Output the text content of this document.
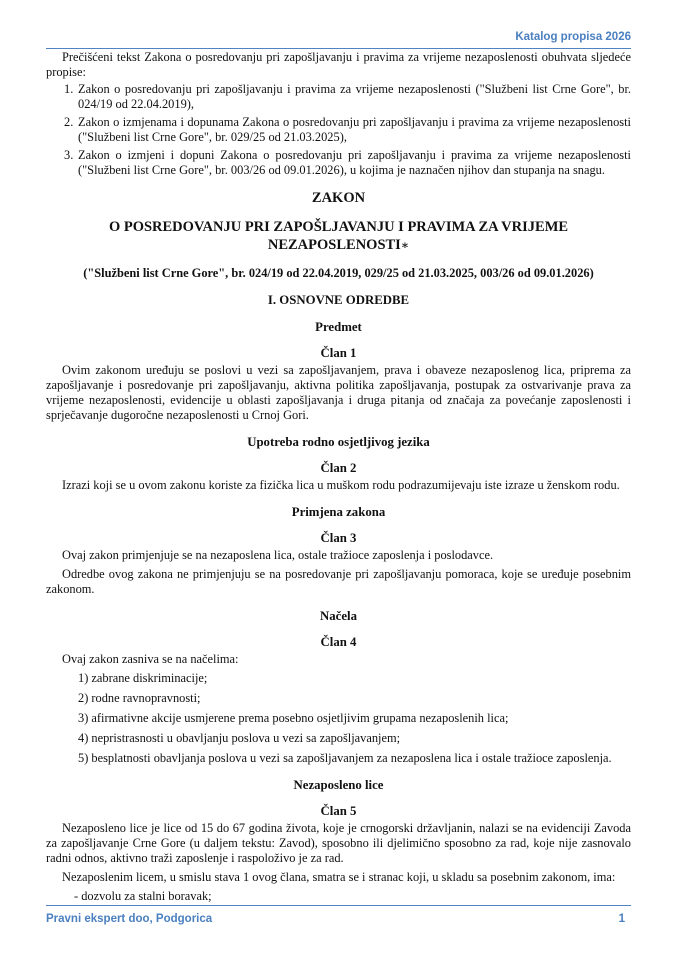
Katalog propisa 2026

Prečišćeni tekst Zakona o posredovanju pri zapošljavanju i pravima za vrijeme nezaposlenosti obuhvata sljedeće propise:

1. Zakon o posredovanju pri zapošljavanju i pravima za vrijeme nezaposlenosti ("Službeni list Crne Gore", br. 024/19 od 22.04.2019),
2. Zakon o izmjenama i dopunama Zakona o posredovanju pri zapošljavanju i pravima za vrijeme nezaposlenosti ("Službeni list Crne Gore", br. 029/25 od 21.03.2025),
3. Zakon o izmjeni i dopuni Zakona o posredovanju pri zapošljavanju i pravima za vrijeme nezaposlenosti ("Službeni list Crne Gore", br. 003/26 od 09.01.2026), u kojima je naznačen njihov dan stupanja na snagu.
ZAKON
O POSREDOVANJU PRI ZAPOŠLJAVANJU I PRAVIMA ZA VRIJEME NEZAPOSLENOSTI∗
("Službeni list Crne Gore", br. 024/19 od 22.04.2019, 029/25 od 21.03.2025, 003/26 od 09.01.2026)
I. OSNOVNE ODREDBE
Predmet
Član 1

Ovim zakonom uređuju se poslovi u vezi sa zapošljavanjem, prava i obaveze nezaposlenog lica, priprema za zapošljavanje i posredovanje pri zapošljavanju, aktivna politika zapošljavanja, postupak za ostvarivanje prava za vrijeme nezaposlenosti, evidencije u oblasti zapošljavanja i druga pitanja od značaja za povećanje zaposlenosti i sprječavanje dugoročne nezaposlenosti u Crnoj Gori.

Upotreba rodno osjetljivog jezika
Član 2

Izrazi koji se u ovom zakonu koriste za fizička lica u muškom rodu podrazumijevaju iste izraze u ženskom rodu.

Primjena zakona
Član 3

Ovaj zakon primjenjuje se na nezaposlena lica, ostale tražioce zaposlenja i poslodavce.

Odredbe ovog zakona ne primjenjuju se na posredovanje pri zapošljavanju pomoraca, koje se uređuje posebnim zakonom.

Načela
Član 4

Ovaj zakon zasniva se na načelima:

1) zabrane diskriminacije;

2) rodne ravnopravnosti;

3) afirmativne akcije usmjerene prema posebno osjetljivim grupama nezaposlenih lica;

4) nepristrasnosti u obavljanju poslova u vezi sa zapošljavanjem;

5) besplatnosti obavljanja poslova u vezi sa zapošljavanjem za nezaposlena lica i ostale tražioce zaposlenja.

Nezaposleno lice
Član 5

Nezaposleno lice je lice od 15 do 67 godina života, koje je crnogorski državljanin, nalazi se na evidenciji Zavoda za zapošljavanje Crne Gore (u daljem tekstu: Zavod), sposobno ili djelimično sposobno za rad, koje nije zasnovalo radni odnos, aktivno traži zaposlenje i raspoloživo je za rad.

Nezaposlenim licem, u smislu stava 1 ovog člana, smatra se i stranac koji, u skladu sa posebnim zakonom, ima:

- dozvolu za stalni boravak;

Pravni ekspert doo, Podgorica	1
